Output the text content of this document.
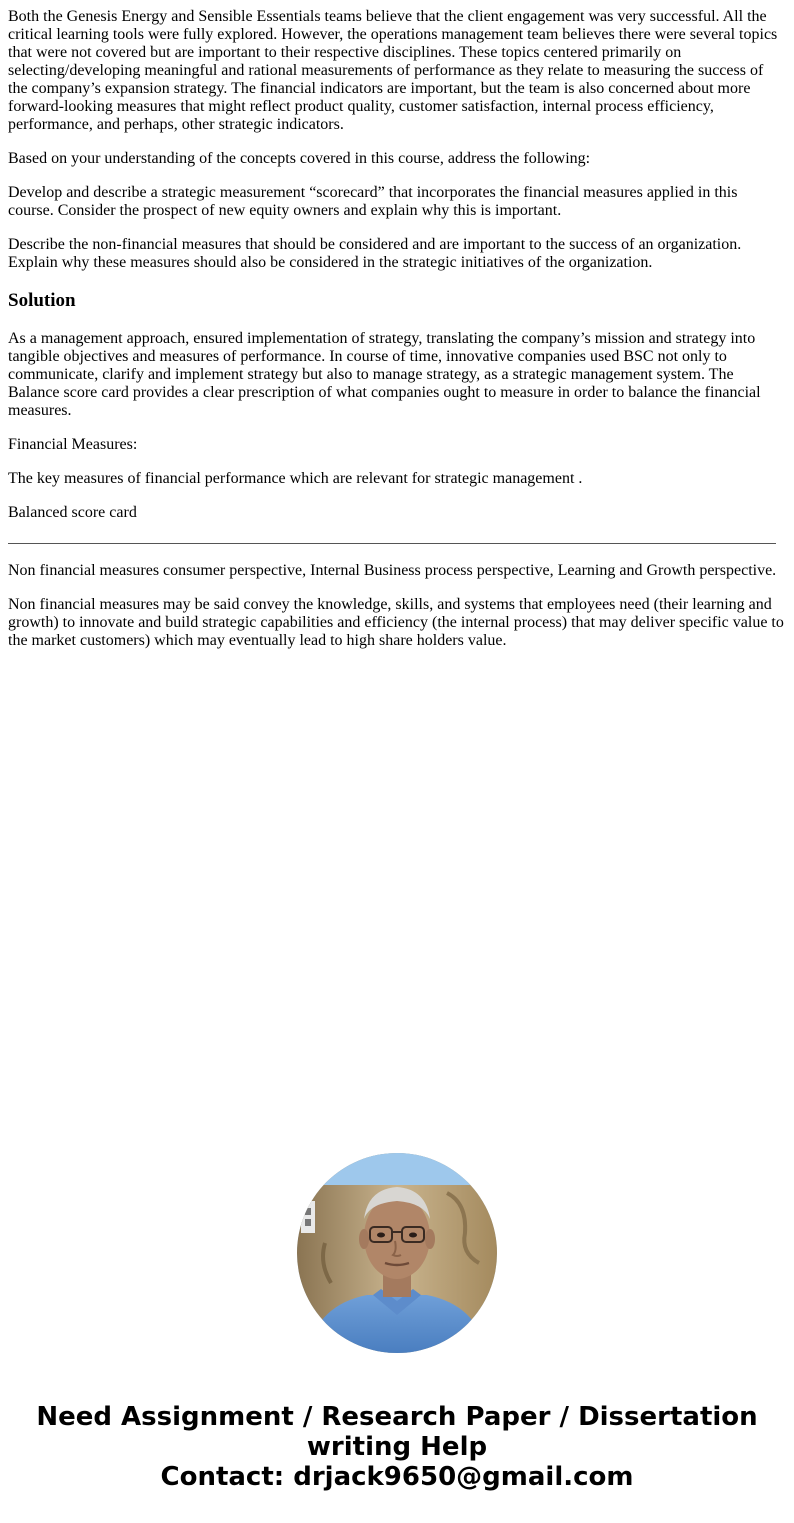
Both the Genesis Energy and Sensible Essentials teams believe that the client engagement was very successful. All the critical learning tools were fully explored. However, the operations management team believes there were several topics that were not covered but are important to their respective disciplines. These topics centered primarily on selecting/developing meaningful and rational measurements of performance as they relate to measuring the success of the company’s expansion strategy. The financial indicators are important, but the team is also concerned about more forward-looking measures that might reflect product quality, customer satisfaction, internal process efficiency, performance, and perhaps, other strategic indicators.

Based on your understanding of the concepts covered in this course, address the following:

Develop and describe a strategic measurement “scorecard” that incorporates the financial measures applied in this course. Consider the prospect of new equity owners and explain why this is important.

Describe the non-financial measures that should be considered and are important to the success of an organization. Explain why these measures should also be considered in the strategic initiatives of the organization.

Solution

As a management approach, ensured implementation of strategy, translating the company’s mission and strategy into tangible objectives and measures of performance. In course of time, innovative companies used BSC not only to communicate, clarify and implement strategy but also to manage strategy, as a strategic management system. The Balance score card provides a clear prescription of what companies ought to measure in order to balance the financial measures.

Financial Measures:

The key measures of financial performance which are relevant for strategic management .

Balanced score card

Non financial measures consumer perspective, Internal Business process perspective, Learning and Growth perspective.

Non financial measures may be said convey the knowledge, skills, and systems that employees need (their learning and growth) to innovate and build strategic capabilities and efficiency (the internal process) that may deliver specific value to the market customers) which may eventually lead to high share holders value.

Need Assignment / Research Paper / Dissertation
writing Help
Contact: drjack9650@gmail.com
